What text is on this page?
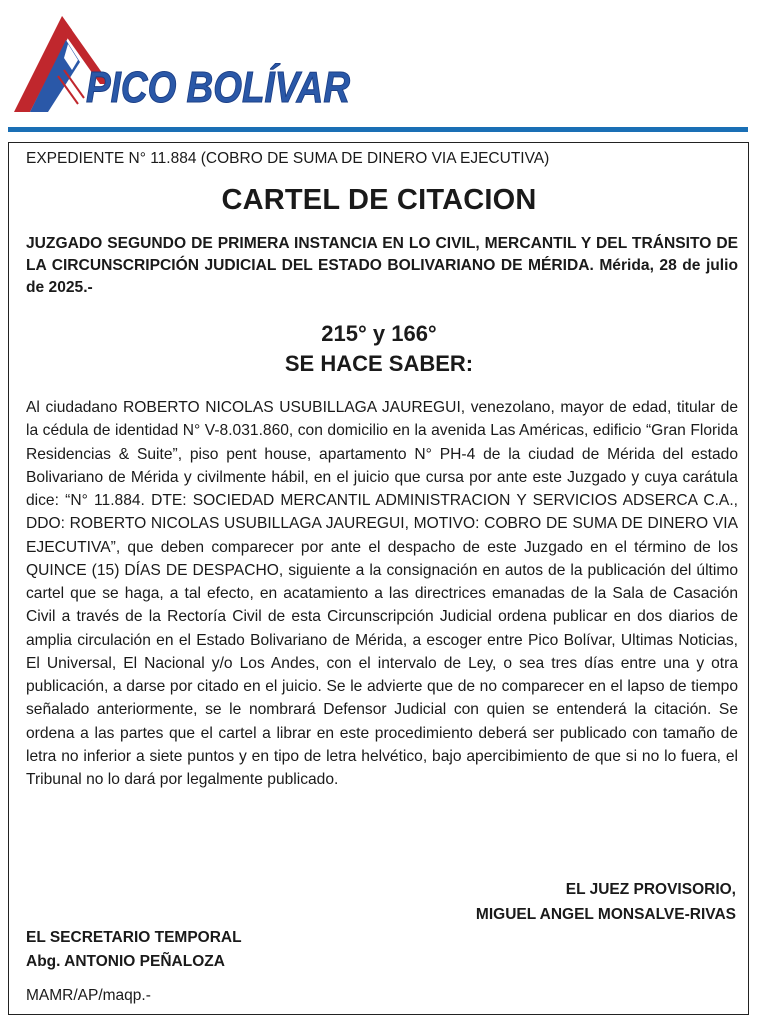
PICO BOLÍVAR
EXPEDIENTE N° 11.884 (COBRO DE SUMA DE DINERO VIA EJECUTIVA)
CARTEL DE CITACION
JUZGADO SEGUNDO DE PRIMERA INSTANCIA EN LO CIVIL, MERCANTIL Y DEL TRÁNSITO DE LA CIRCUNSCRIPCIÓN JUDICIAL DEL ESTADO BOLIVARIANO DE MÉRIDA. Mérida, 28 de julio de 2025.-
215° y 166°
SE HACE SABER:
Al ciudadano ROBERTO NICOLAS USUBILLAGA JAUREGUI, venezolano, mayor de edad, titular de la cédula de identidad N° V-8.031.860, con domicilio en la avenida Las Américas, edificio “Gran Florida Residencias & Suite”, piso pent house, apartamento N° PH-4 de la ciudad de Mérida del estado Bolivariano de Mérida y civilmente hábil, en el juicio que cursa por ante este Juzgado y cuya carátula dice: “N° 11.884. DTE: SOCIEDAD MERCANTIL ADMINISTRACION Y SERVICIOS ADSERCA C.A., DDO: ROBERTO NICOLAS USUBILLAGA JAUREGUI, MOTIVO: COBRO DE SUMA DE DINERO VIA EJECUTIVA”, que deben comparecer por ante el despacho de este Juzgado en el término de los QUINCE (15) DÍAS DE DESPACHO, siguiente a la consignación en autos de la publicación del último cartel que se haga, a tal efecto, en acatamiento a las directrices emanadas de la Sala de Casación Civil a través de la Rectoría Civil de esta Circunscripción Judicial ordena publicar en dos diarios de amplia circulación en el Estado Bolivariano de Mérida, a escoger entre Pico Bolívar, Ultimas Noticias, El Universal, El Nacional y/o Los Andes, con el intervalo de Ley, o sea tres días entre una y otra publicación, a darse por citado en el juicio. Se le advierte que de no comparecer en el lapso de tiempo señalado anteriormente, se le nombrará Defensor Judicial con quien se entenderá la citación. Se ordena a las partes que el cartel a librar en este procedimiento deberá ser publicado con tamaño de letra no inferior a siete puntos y en tipo de letra helvético, bajo apercibimiento de que si no lo fuera, el Tribunal no lo dará por legalmente publicado.
EL JUEZ PROVISORIO,
MIGUEL ANGEL MONSALVE-RIVAS
EL SECRETARIO TEMPORAL
Abg. ANTONIO PEÑALOZA
MAMR/AP/maqp.-
